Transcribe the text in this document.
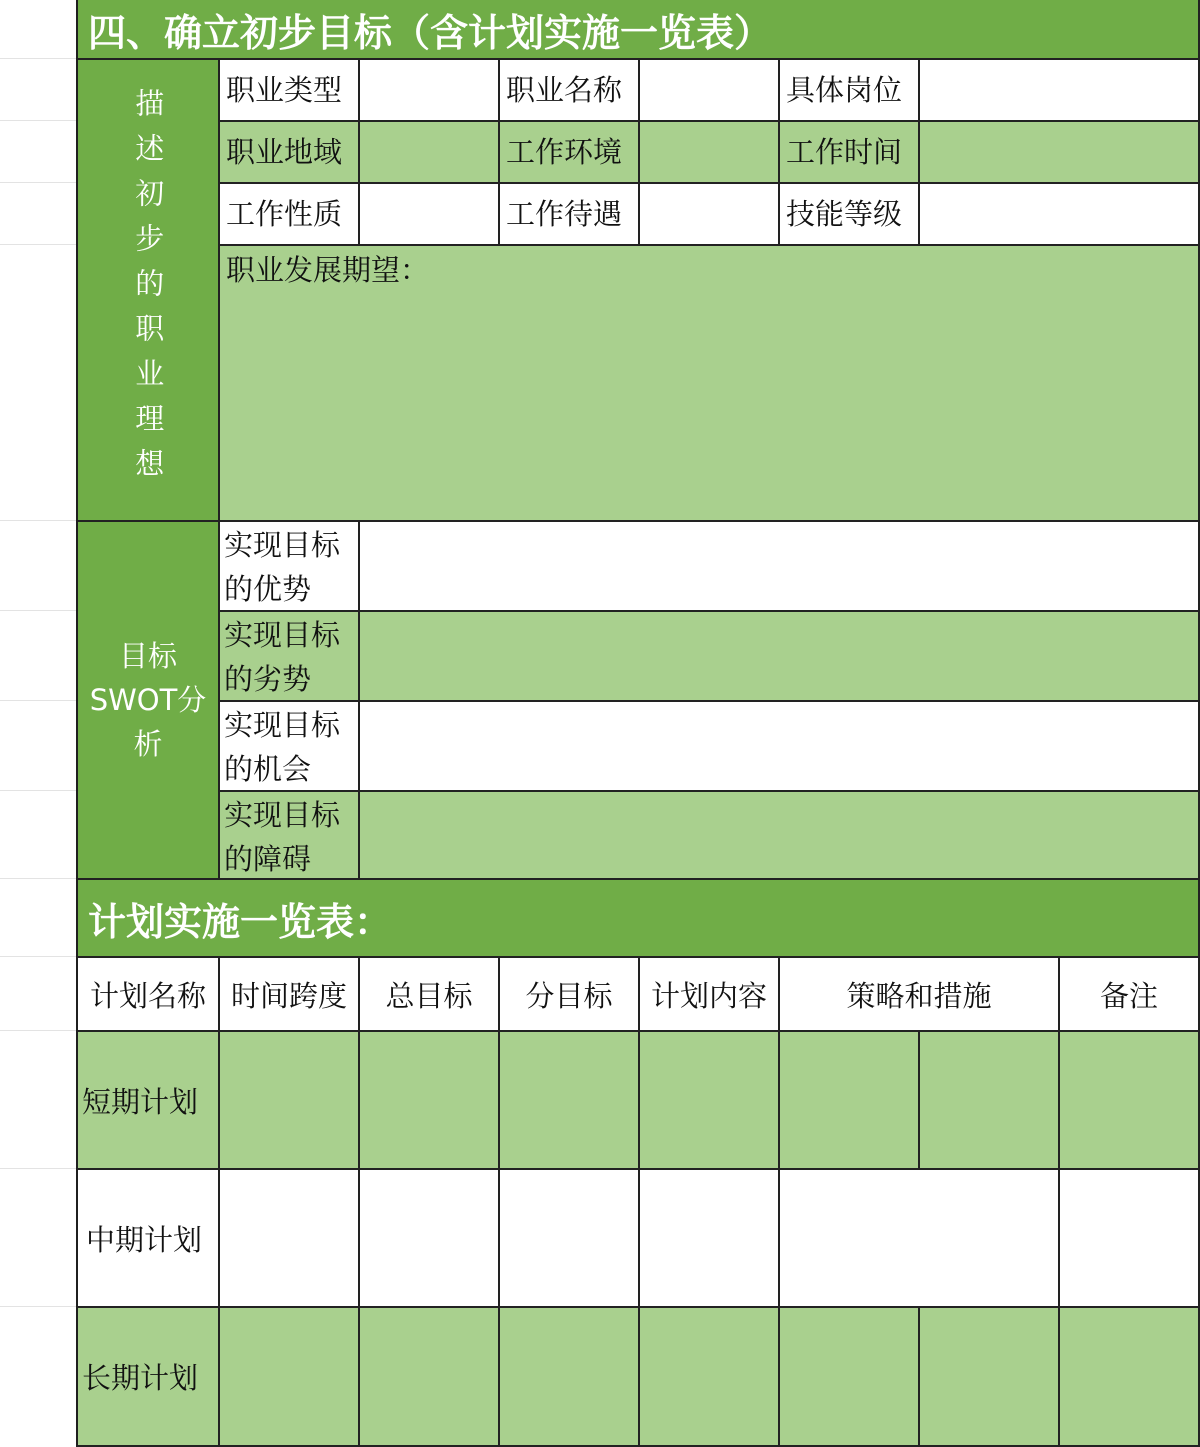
四、确立初步目标（含计划实施一览表）
描述初步的职业理想 职业类型	职业名称	具体岗位
职业地域	工作环境	工作时间
工作性质	工作待遇	技能等级
职业发展期望：
目标
SWOT分
析
实现目标
的优势
实现目标
的劣势
实现目标
的机会
实现目标
的障碍
计划实施一览表：
计划名称 时间跨度	总目标	分目标	计划内容	策略和措施	备注
短期计划
中期计划
长期计划
